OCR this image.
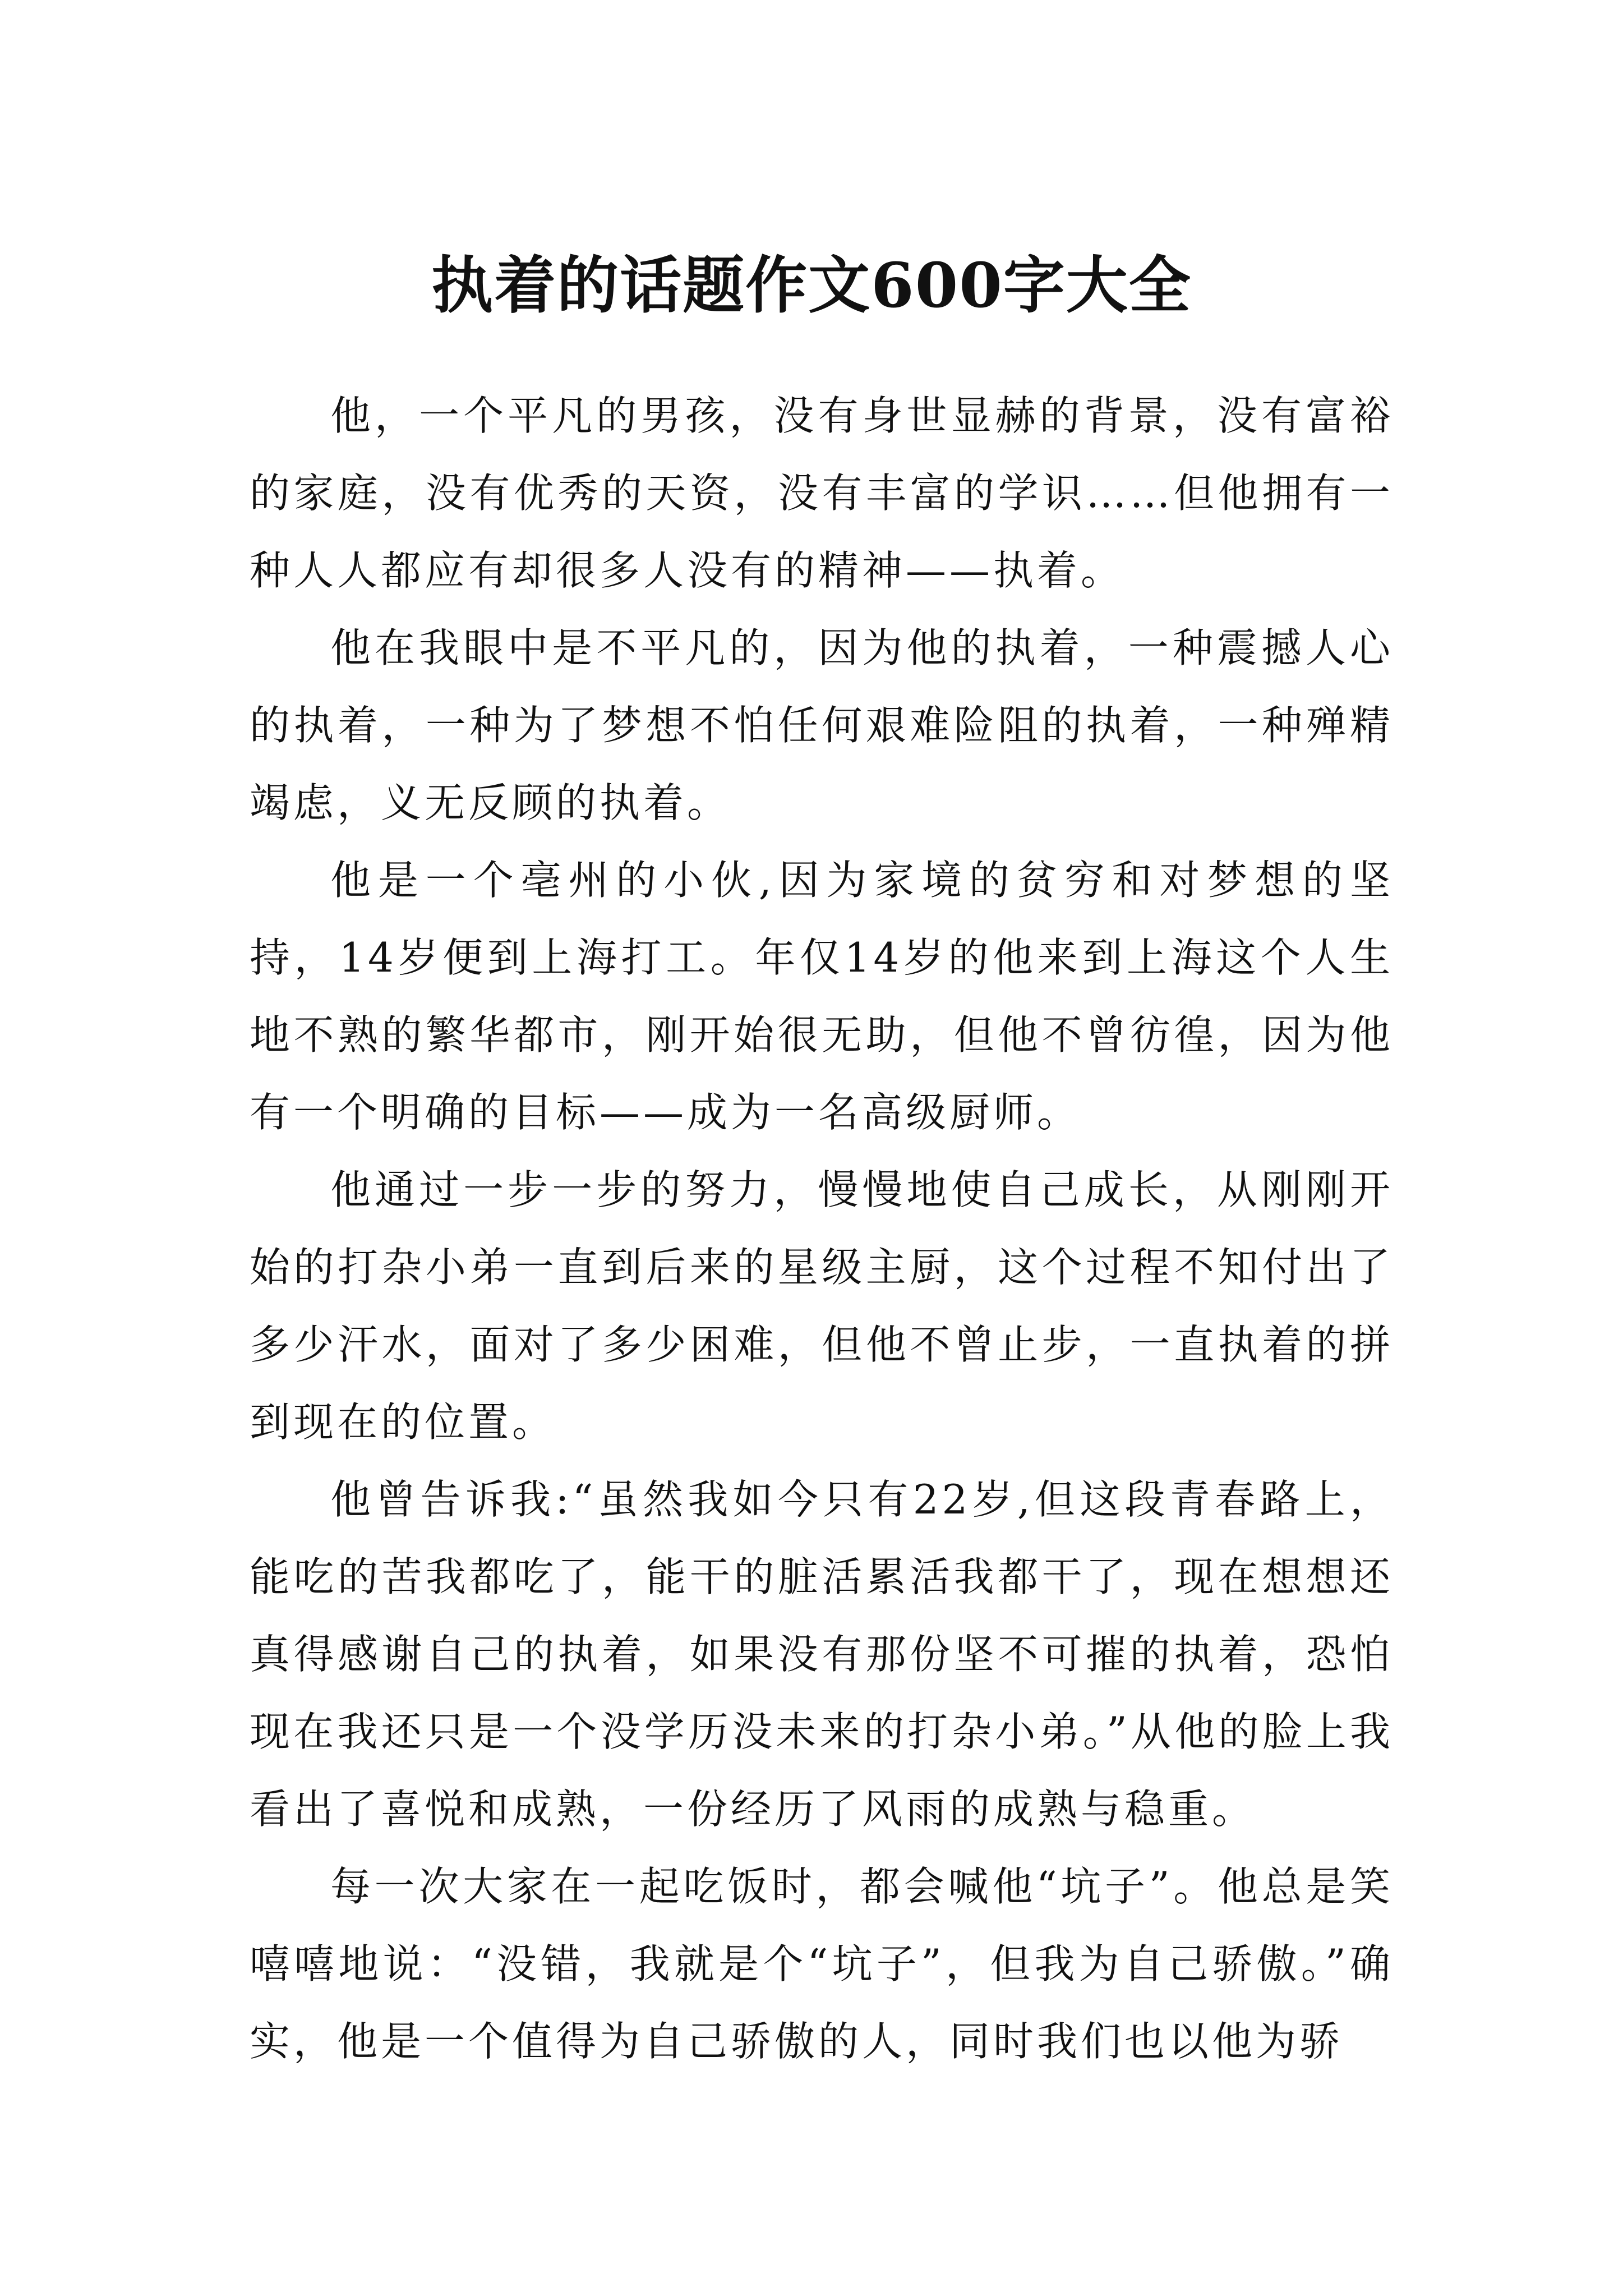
执着的话题作文600字大全

他，一个平凡的男孩，没有身世显赫的背景，没有富裕的家庭，没有优秀的天资，没有丰富的学识……但他拥有一种人人都应有却很多人没有的精神——执着。

他在我眼中是不平凡的，因为他的执着，一种震撼人心的执着，一种为了梦想不怕任何艰难险阻的执着，一种殚精竭虑，义无反顾的执着。

他是一个亳州的小伙,因为家境的贫穷和对梦想的坚持，14岁便到上海打工。年仅14岁的他来到上海这个人生地不熟的繁华都市，刚开始很无助，但他不曾彷徨，因为他有一个明确的目标——成为一名高级厨师。

他通过一步一步的努力，慢慢地使自己成长，从刚刚开始的打杂小弟一直到后来的星级主厨，这个过程不知付出了多少汗水，面对了多少困难，但他不曾止步，一直执着的拼到现在的位置。

他曾告诉我:“虽然我如今只有22岁,但这段青春路上，能吃的苦我都吃了，能干的脏活累活我都干了，现在想想还真得感谢自己的执着，如果没有那份坚不可摧的执着，恐怕现在我还只是一个没学历没未来的打杂小弟。”从他的脸上我看出了喜悦和成熟，一份经历了风雨的成熟与稳重。

每一次大家在一起吃饭时，都会喊他“坑子”。他总是笑嘻嘻地说：“没错，我就是个“坑子”，但我为自己骄傲。”确实，他是一个值得为自己骄傲的人，同时我们也以他为骄
